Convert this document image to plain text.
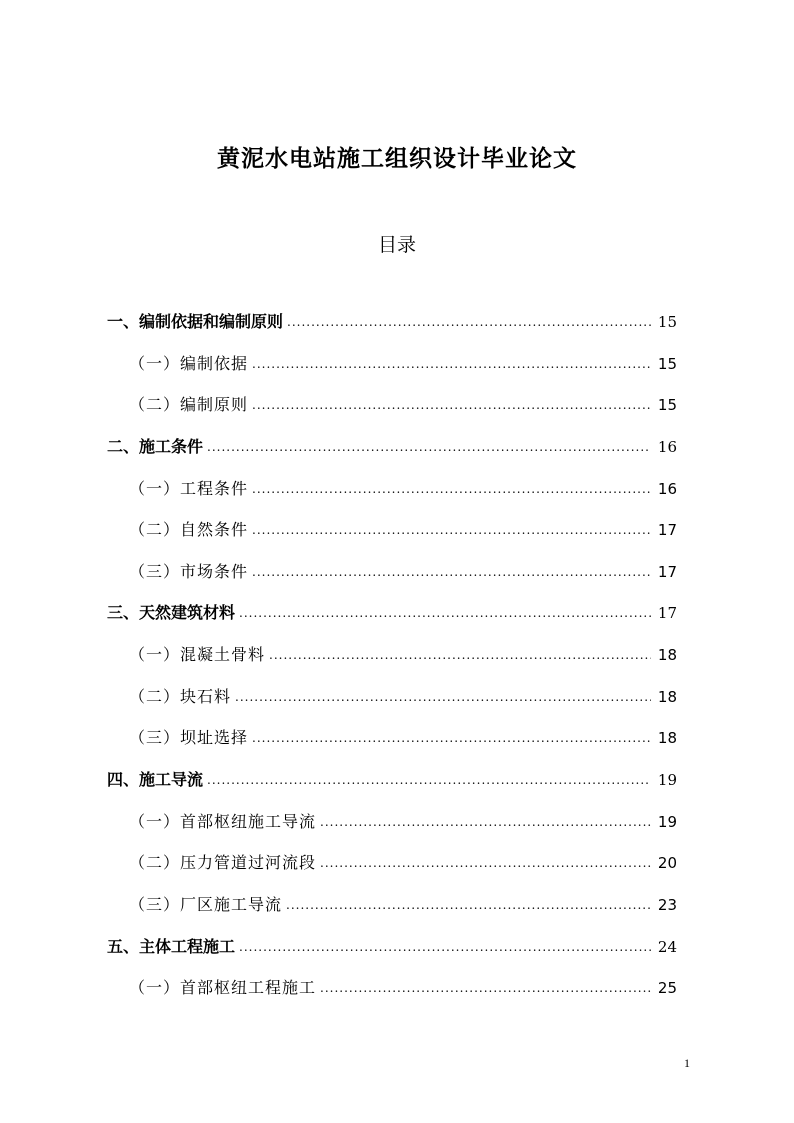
黄泥水电站施工组织设计毕业论文
目录
一、编制依据和编制原则 .....	15
（一）编制依据 .....	15
（二）编制原则 .....	15
二、施工条件 .....	16
（一）工程条件 .....	16
（二）自然条件 .....	17
（三）市场条件 .....	17
三、天然建筑材料 .....	17
（一）混凝土骨料 .....	18
（二）块石料 .....	18
（三）坝址选择 .....	18
四、施工导流 .....	19
（一）首部枢纽施工导流 .....	19
（二）压力管道过河流段 .....	20
（三）厂区施工导流 .....	23
五、主体工程施工 .....	24
（一）首部枢纽工程施工 .....	25
1
